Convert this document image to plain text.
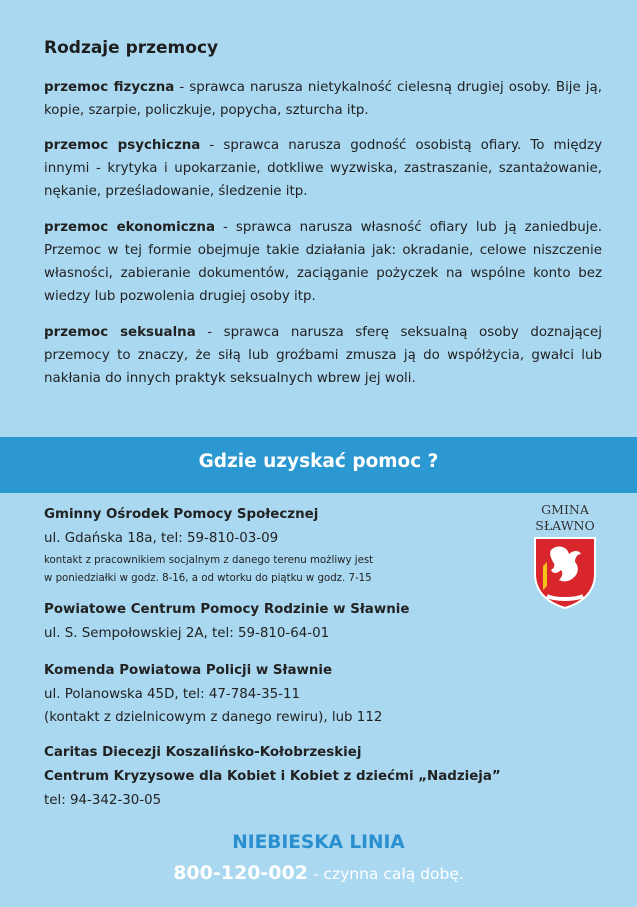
Rodzaje przemocy
przemoc fizyczna - sprawca narusza nietykalność cielesną drugiej osoby. Bije ją, kopie, szarpie, policzkuje, popycha, szturcha itp.
przemoc psychiczna - sprawca narusza godność osobistą ofiary. To między innymi - krytyka i upokarzanie, dotkliwe wyzwiska, zastraszanie, szantażowanie, nękanie, prześladowanie, śledzenie itp.
przemoc ekonomiczna - sprawca narusza własność ofiary lub ją zaniedbuje. Przemoc w tej formie obejmuje takie działania jak: okradanie, celowe niszczenie własności, zabieranie dokumentów, zaciąganie pożyczek na wspólne konto bez wiedzy lub pozwolenia drugiej osoby itp.
przemoc seksualna - sprawca narusza sferę seksualną osoby doznającej przemocy to znaczy, że siłą lub groźbami zmusza ją do współżycia, gwałci lub nakłania do innych praktyk seksualnych wbrew jej woli.
Gdzie uzyskać pomoc ?
Gminny Ośrodek Pomocy Społecznej
ul. Gdańska 18a, tel: 59-810-03-09
kontakt z pracownikiem socjalnym z danego terenu możliwy jest
w poniedziałki w godz. 8-16, a od wtorku do piątku w godz. 7-15
Powiatowe Centrum Pomocy Rodzinie w Sławnie
ul. S. Sempołowskiej 2A, tel: 59-810-64-01
Komenda Powiatowa Policji w Sławnie
ul. Polanowska 45D, tel: 47-784-35-11
(kontakt z dzielnicowym z danego rewiru), lub 112
Caritas Diecezji Koszalińsko-Kołobrzeskiej
Centrum Kryzysowe dla Kobiet i Kobiet z dziećmi „Nadzieja”
tel: 94-342-30-05
GMINA
SŁAWNO
NIEBIESKA LINIA
800-120-002 - czynna całą dobę.
